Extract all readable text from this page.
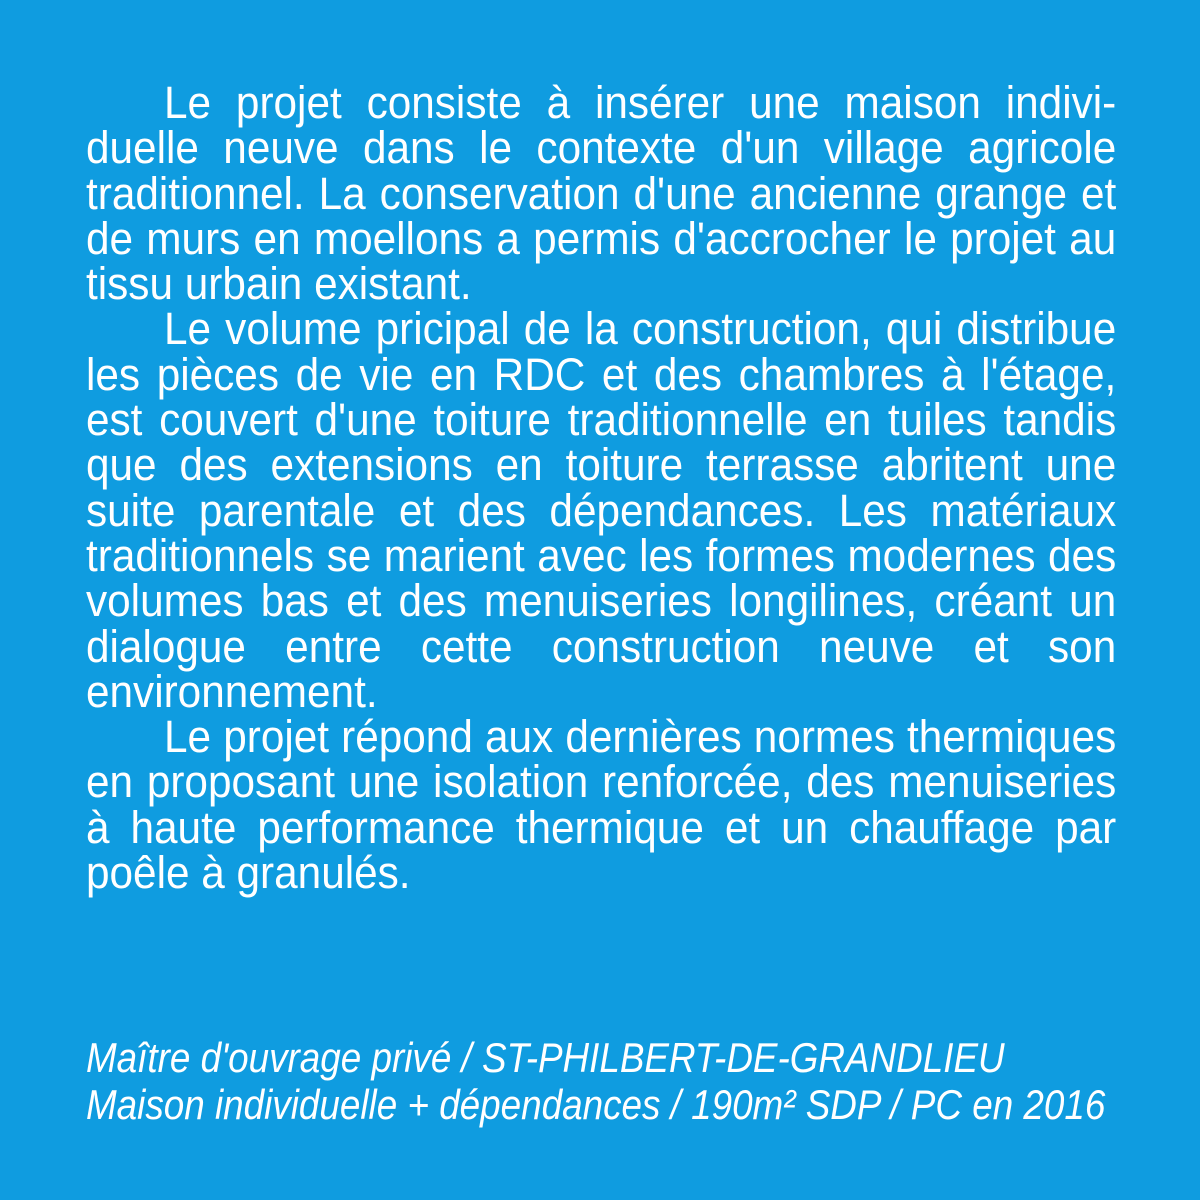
Le projet consiste à insérer une maison individuelle neuve dans le contexte d'un village agricole traditionnel. La conservation d'une ancienne grange et de murs en moellons a permis d'accrocher le projet au tissu urbain existant.

Le volume pricipal de la construction, qui distribue les pièces de vie en RDC et des chambres à l'étage, est couvert d'une toiture traditionnelle en tuiles tandis que des extensions en toiture terrasse abritent une suite parentale et des dépendances. Les matériaux traditionnels se marient avec les formes modernes des volumes bas et des menuiseries longilines, créant un dialogue entre cette construction neuve et son environnement.

Le projet répond aux dernières normes thermiques en proposant une isolation renforcée, des menuiseries à haute performance thermique et un chauffage par poêle à granulés.

Maître d'ouvrage privé / ST-PHILBERT-DE-GRANDLIEU
Maison individuelle + dépendances / 190m² SDP / PC en 2016
